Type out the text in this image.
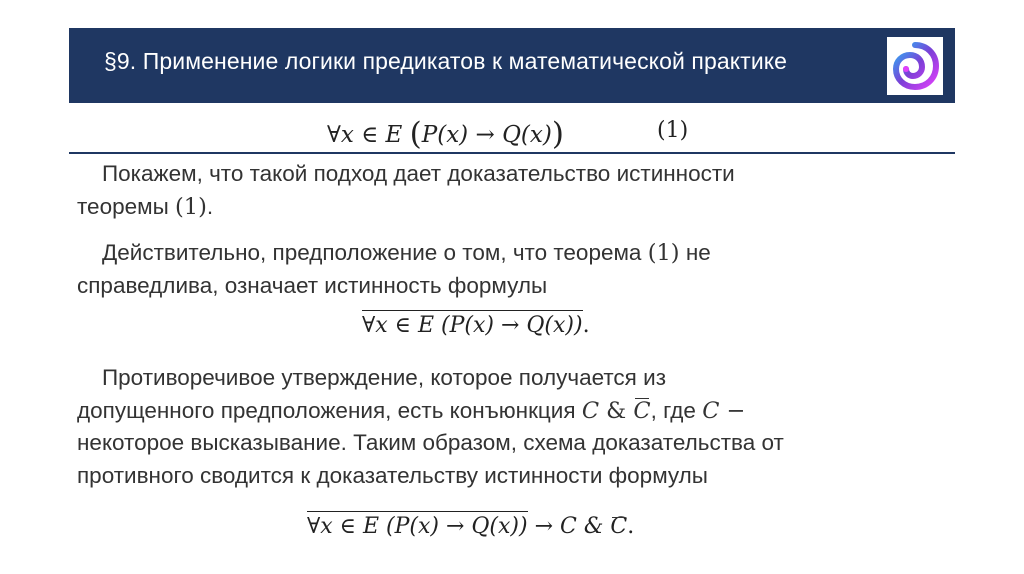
§9. Применение логики предикатов к математической практике
∀x ∈ E (P(x) → Q(x))	(1)
Покажем, что такой подход дает доказательство истинности
теоремы (1).
Действительно, предположение о том, что теорема (1) не
справедлива, означает истинность формулы
∀x ∈ E (P(x) → Q(x)).
Противоречивое утверждение, которое получается из
допущенного предположения, есть конъюнкция C & C, где C −
некоторое высказывание. Таким образом, схема доказательства от
противного сводится к доказательству истинности формулы
∀x ∈ E (P(x) → Q(x)) → C & C.
